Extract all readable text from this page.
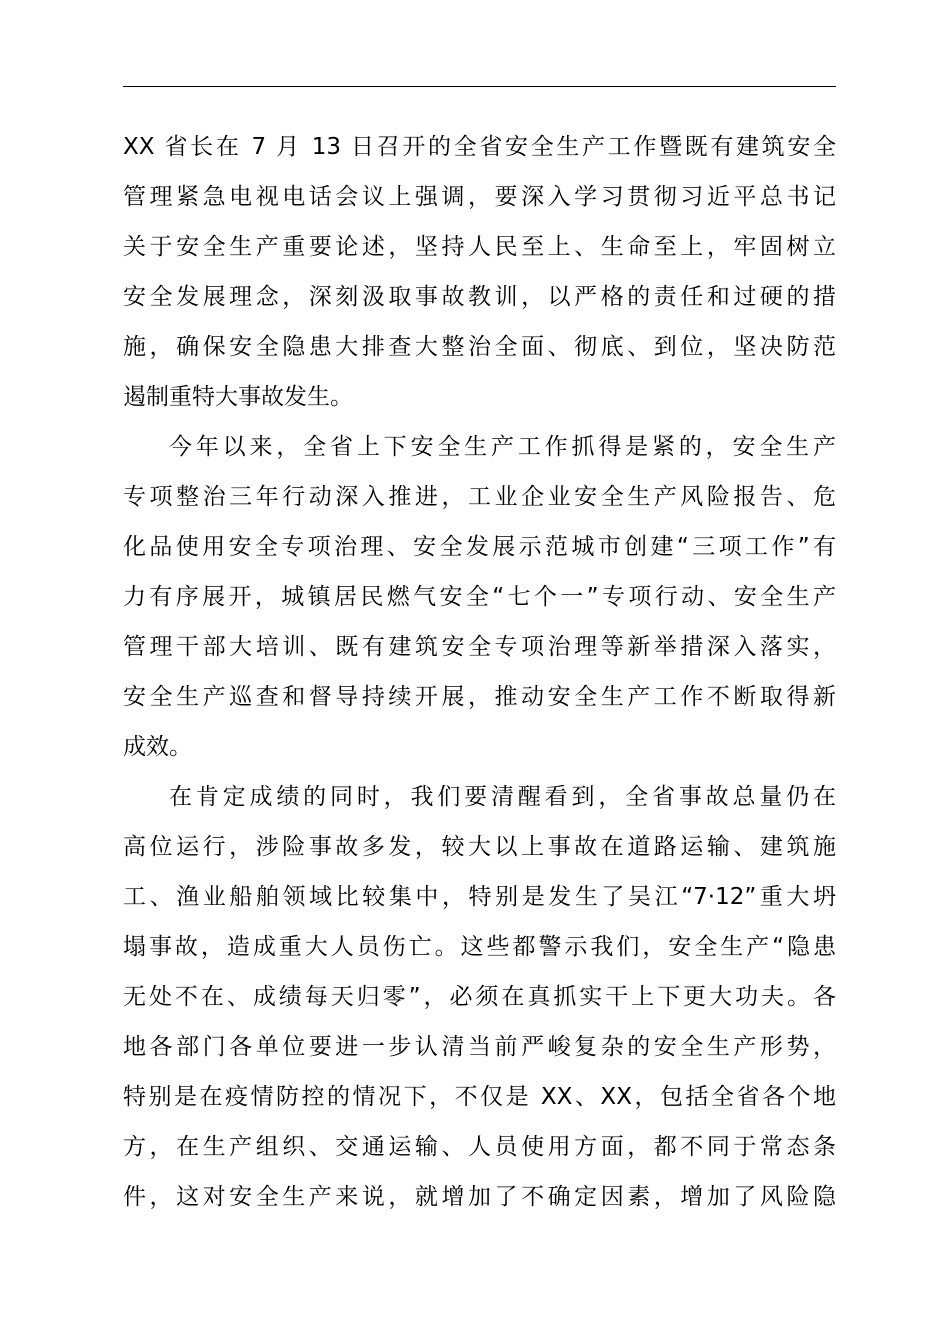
XX 省长在 7 月 13 日召开的全省安全生产工作暨既有建筑安全
管理紧急电视电话会议上强调，要深入学习贯彻习近平总书记
关于安全生产重要论述，坚持人民至上、生命至上，牢固树立
安全发展理念，深刻汲取事故教训，以严格的责任和过硬的措
施，确保安全隐患大排查大整治全面、彻底、到位，坚决防范
遏制重特大事故发生。
今年以来，全省上下安全生产工作抓得是紧的，安全生产
专项整治三年行动深入推进，工业企业安全生产风险报告、危
化品使用安全专项治理、安全发展示范城市创建“三项工作”有
力有序展开，城镇居民燃气安全“七个一”专项行动、安全生产
管理干部大培训、既有建筑安全专项治理等新举措深入落实，
安全生产巡查和督导持续开展，推动安全生产工作不断取得新
成效。
在肯定成绩的同时，我们要清醒看到，全省事故总量仍在
高位运行，涉险事故多发，较大以上事故在道路运输、建筑施
工、渔业船舶领域比较集中，特别是发生了吴江“7·12”重大坍
塌事故，造成重大人员伤亡。这些都警示我们，安全生产“隐患
无处不在、成绩每天归零”，必须在真抓实干上下更大功夫。各
地各部门各单位要进一步认清当前严峻复杂的安全生产形势，
特别是在疫情防控的情况下，不仅是 XX、XX，包括全省各个地
方，在生产组织、交通运输、人员使用方面，都不同于常态条
件，这对安全生产来说，就增加了不确定因素，增加了风险隐
